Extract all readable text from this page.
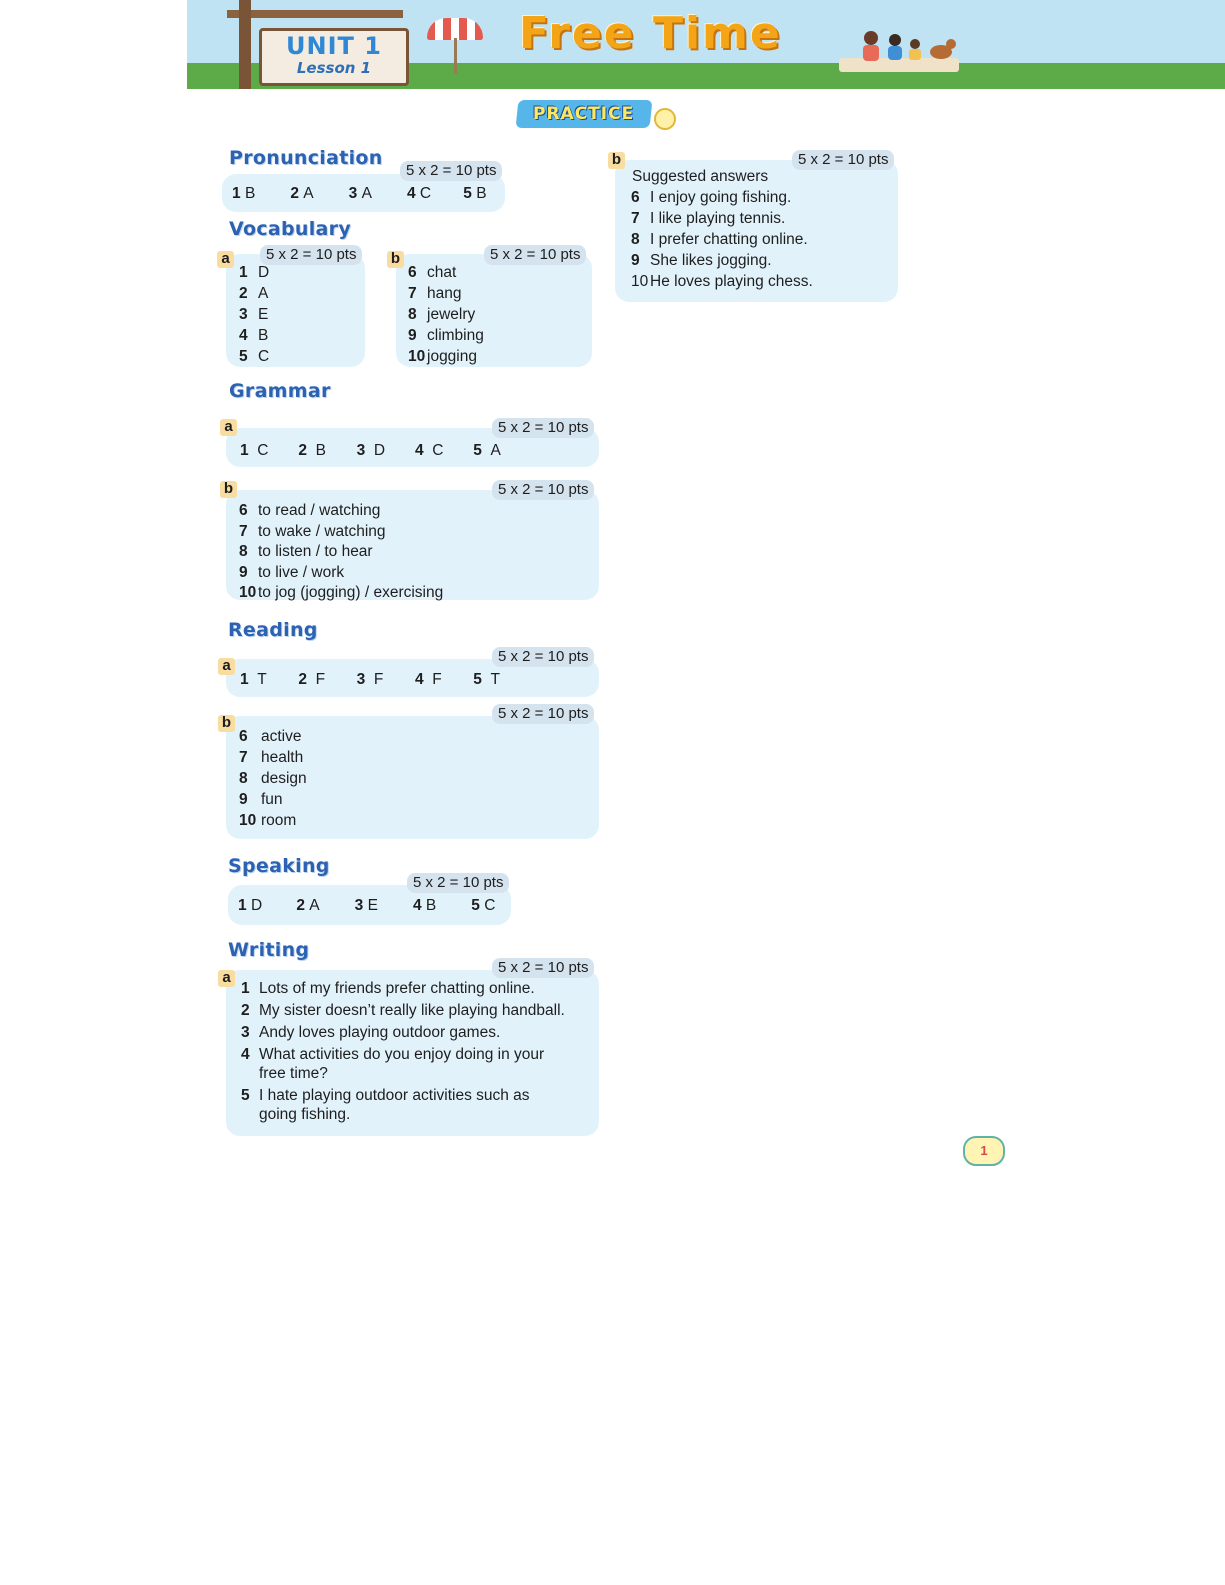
UNIT 1
Lesson 1
Free Time
PRACTICE
Pronunciation
5 x 2 = 10 pts
1 B 2 A 3 A 4 C 5 B
Vocabulary
a	5 x 2 = 10 pts
1 D
2 A
3 E
4 B
5 C
b	5 x 2 = 10 pts
6 chat
7 hang
8 jewelry
9 climbing
10 jogging
Grammar
a	5 x 2 = 10 pts
1 C 2 B 3 D 4 C 5 A
b	5 x 2 = 10 pts
6 to read / watching
7 to wake / watching
8 to listen / to hear
9 to live / work
10 to jog (jogging) / exercising
Reading
a
5 x 2 = 10 pts
1 T 2 F 3 F 4 F 5 T
b
5 x 2 = 10 pts
6 active
7 health
8 design
9 fun
10 room
Speaking
5 x 2 = 10 pts
1 D 2 A 3 E 4 B 5 C
Writing
a
5 x 2 = 10 pts
1 Lots of my friends prefer chatting online.
2 My sister doesn’t really like playing handball.
3 Andy loves playing outdoor games.
4 What activities do you enjoy doing in your free time?
5 I hate playing outdoor activities such as going fishing.
b	5 x 2 = 10 pts
Suggested answers
6 I enjoy going fishing.
7 I like playing tennis.
8 I prefer chatting online.
9 She likes jogging.
10 He loves playing chess.
1
